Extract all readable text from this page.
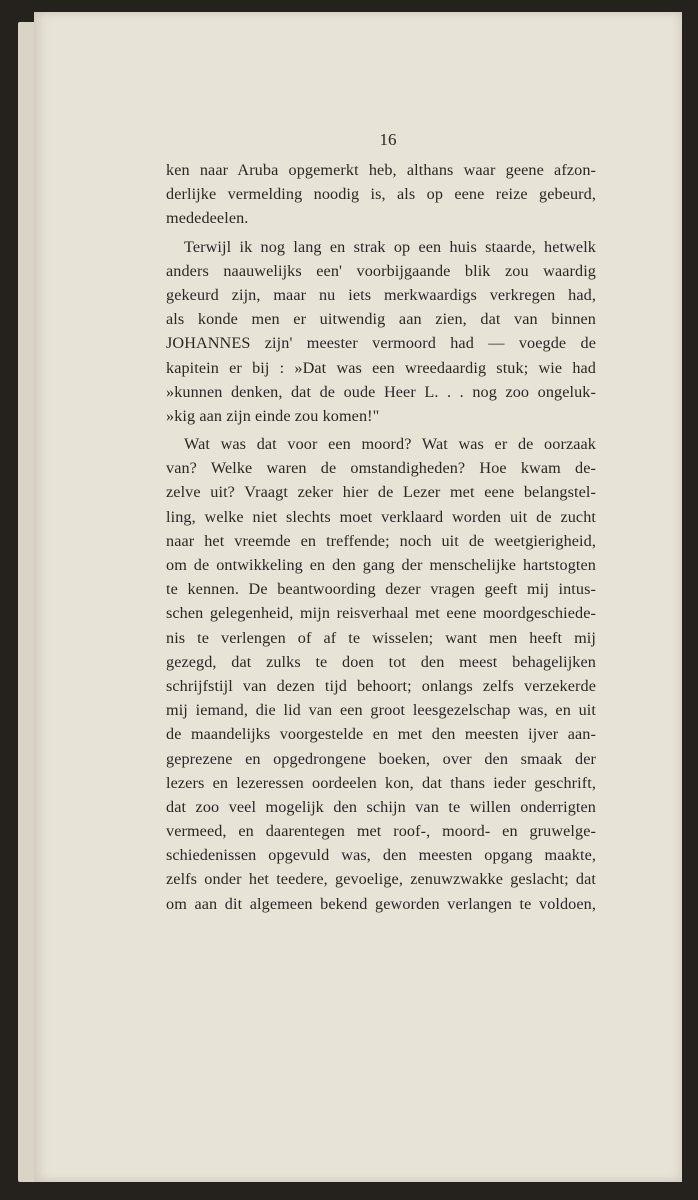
16
ken naar Aruba opgemerkt heb, althans waar geene afzon-
derlijke vermelding noodig is, als op eene reize gebeurd,
mededeelen.
Terwijl ik nog lang en strak op een huis staarde, hetwelk
anders naauwelijks een' voorbijgaande blik zou waardig
gekeurd zijn, maar nu iets merkwaardigs verkregen had,
als konde men er uitwendig aan zien, dat van binnen
JOHANNES zijn' meester vermoord had — voegde de
kapitein er bij : »Dat was een wreedaardig stuk; wie had
»kunnen denken, dat de oude Heer L. . . nog zoo ongeluk-
»kig aan zijn einde zou komen!"
Wat was dat voor een moord? Wat was er de oorzaak
van? Welke waren de omstandigheden? Hoe kwam de-
zelve uit? Vraagt zeker hier de Lezer met eene belangstel-
ling, welke niet slechts moet verklaard worden uit de zucht
naar het vreemde en treffende; noch uit de weetgierigheid,
om de ontwikkeling en den gang der menschelijke hartstogten
te kennen. De beantwoording dezer vragen geeft mij intus-
schen gelegenheid, mijn reisverhaal met eene moordgeschiede-
nis te verlengen of af te wisselen; want men heeft mij
gezegd, dat zulks te doen tot den meest behagelijken
schrijfstijl van dezen tijd behoort; onlangs zelfs verzekerde
mij iemand, die lid van een groot leesgezelschap was, en uit
de maandelijks voorgestelde en met den meesten ijver aan-
geprezene en opgedrongene boeken, over den smaak der
lezers en lezeressen oordeelen kon, dat thans ieder geschrift,
dat zoo veel mogelijk den schijn van te willen onderrigten
vermeed, en daarentegen met roof-, moord- en gruwelge-
schiedenissen opgevuld was, den meesten opgang maakte,
zelfs onder het teedere, gevoelige, zenuwzwakke geslacht; dat
om aan dit algemeen bekend geworden verlangen te voldoen,
